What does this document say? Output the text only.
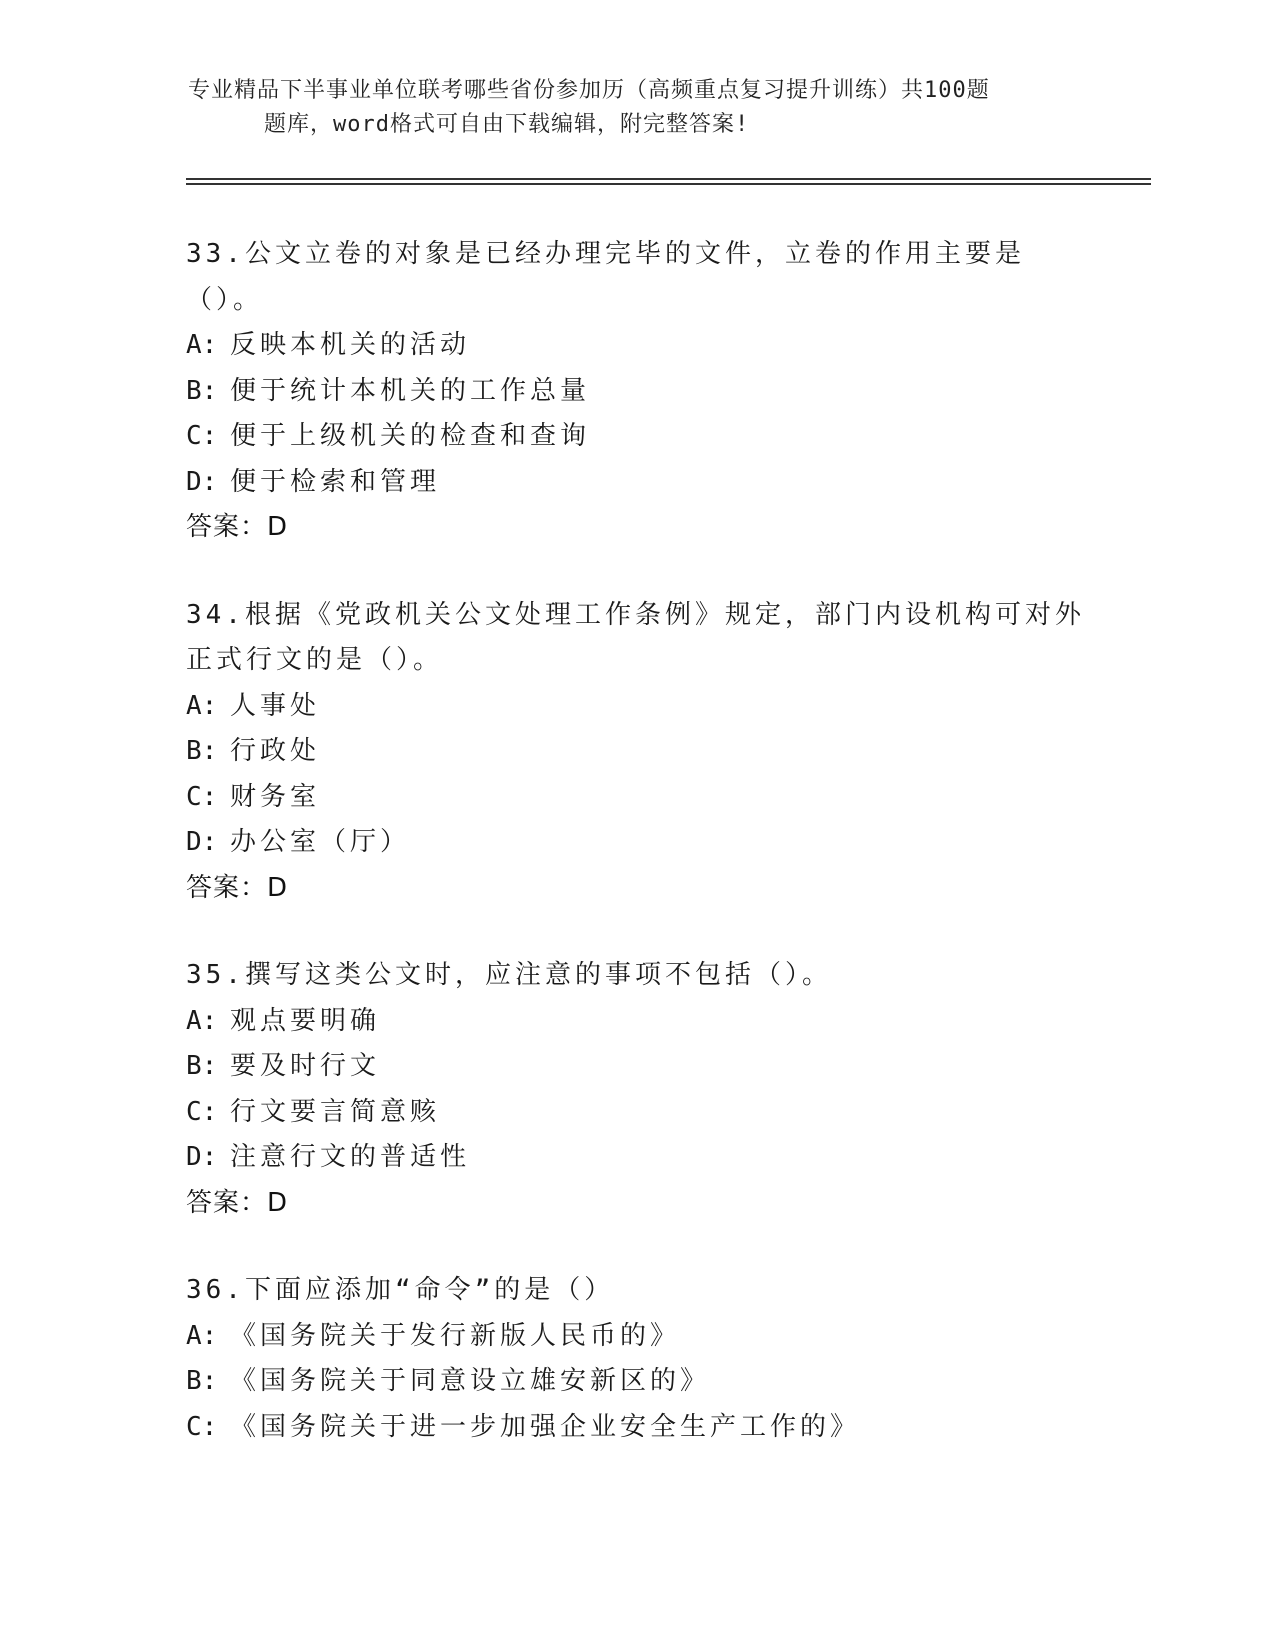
专业精品下半事业单位联考哪些省份参加历（高频重点复习提升训练）共100题
题库，word格式可自由下载编辑，附完整答案!
33.公文立卷的对象是已经办理完毕的文件，立卷的作用主要是（）。
A: 反映本机关的活动
B: 便于统计本机关的工作总量
C: 便于上级机关的检查和查询
D: 便于检索和管理
答案：D
34.根据《党政机关公文处理工作条例》规定，部门内设机构可对外正式行文的是（）。
A: 人事处
B: 行政处
C: 财务室
D: 办公室（厅）
答案：D
35.撰写这类公文时，应注意的事项不包括（）。
A: 观点要明确
B: 要及时行文
C: 行文要言简意赅
D: 注意行文的普适性
答案：D
36.下面应添加“命令”的是（）
A: 《国务院关于发行新版人民币的》
B: 《国务院关于同意设立雄安新区的》
C: 《国务院关于进一步加强企业安全生产工作的》
